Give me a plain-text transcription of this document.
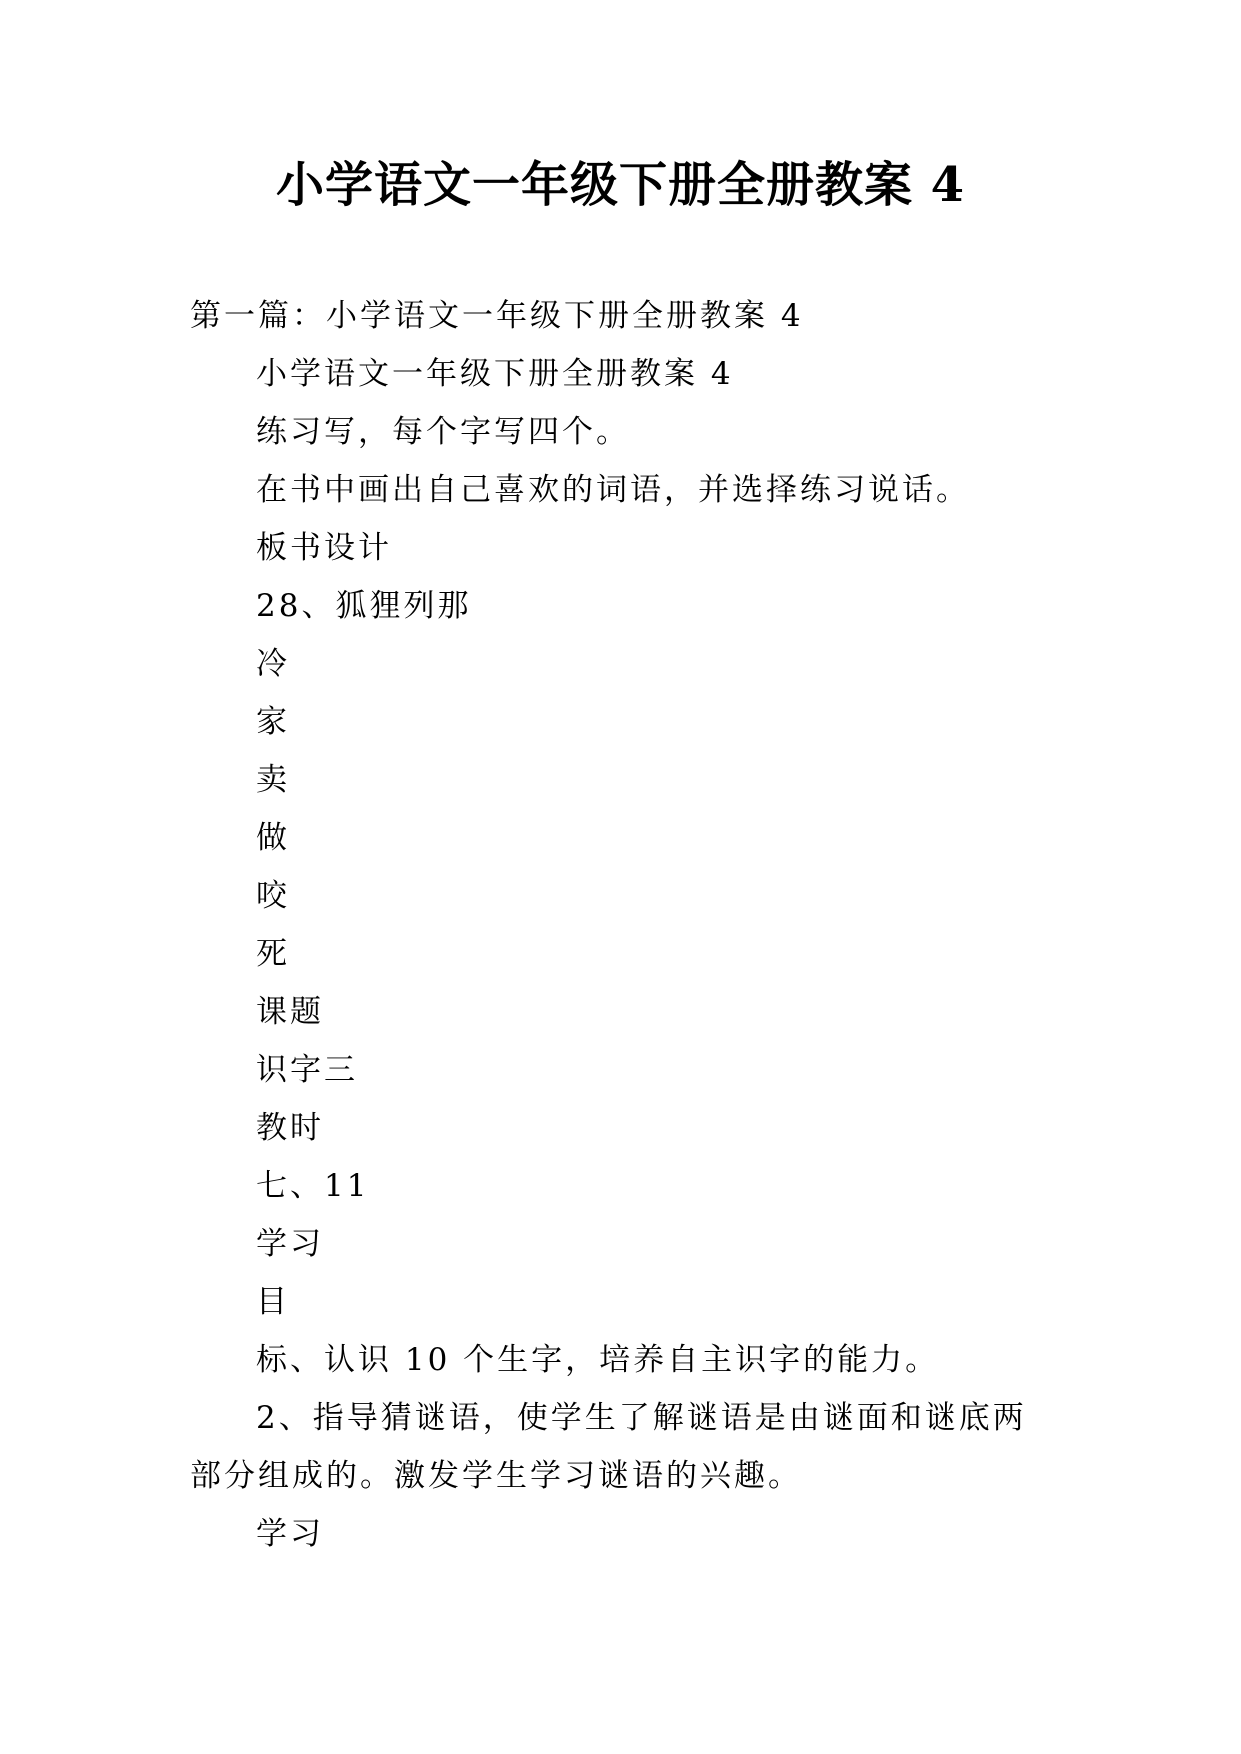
小学语文一年级下册全册教案 4

第一篇：小学语文一年级下册全册教案 4

小学语文一年级下册全册教案 4

练习写，每个字写四个。

在书中画出自己喜欢的词语，并选择练习说话。

板书设计

28、狐狸列那

冷

家

卖

做

咬

死

课题

识字三

教时

七、11

学习

目

标、认识 10 个生字，培养自主识字的能力。

2、指导猜谜语，使学生了解谜语是由谜面和谜底两部分组成的。激发学生学习谜语的兴趣。

学习
